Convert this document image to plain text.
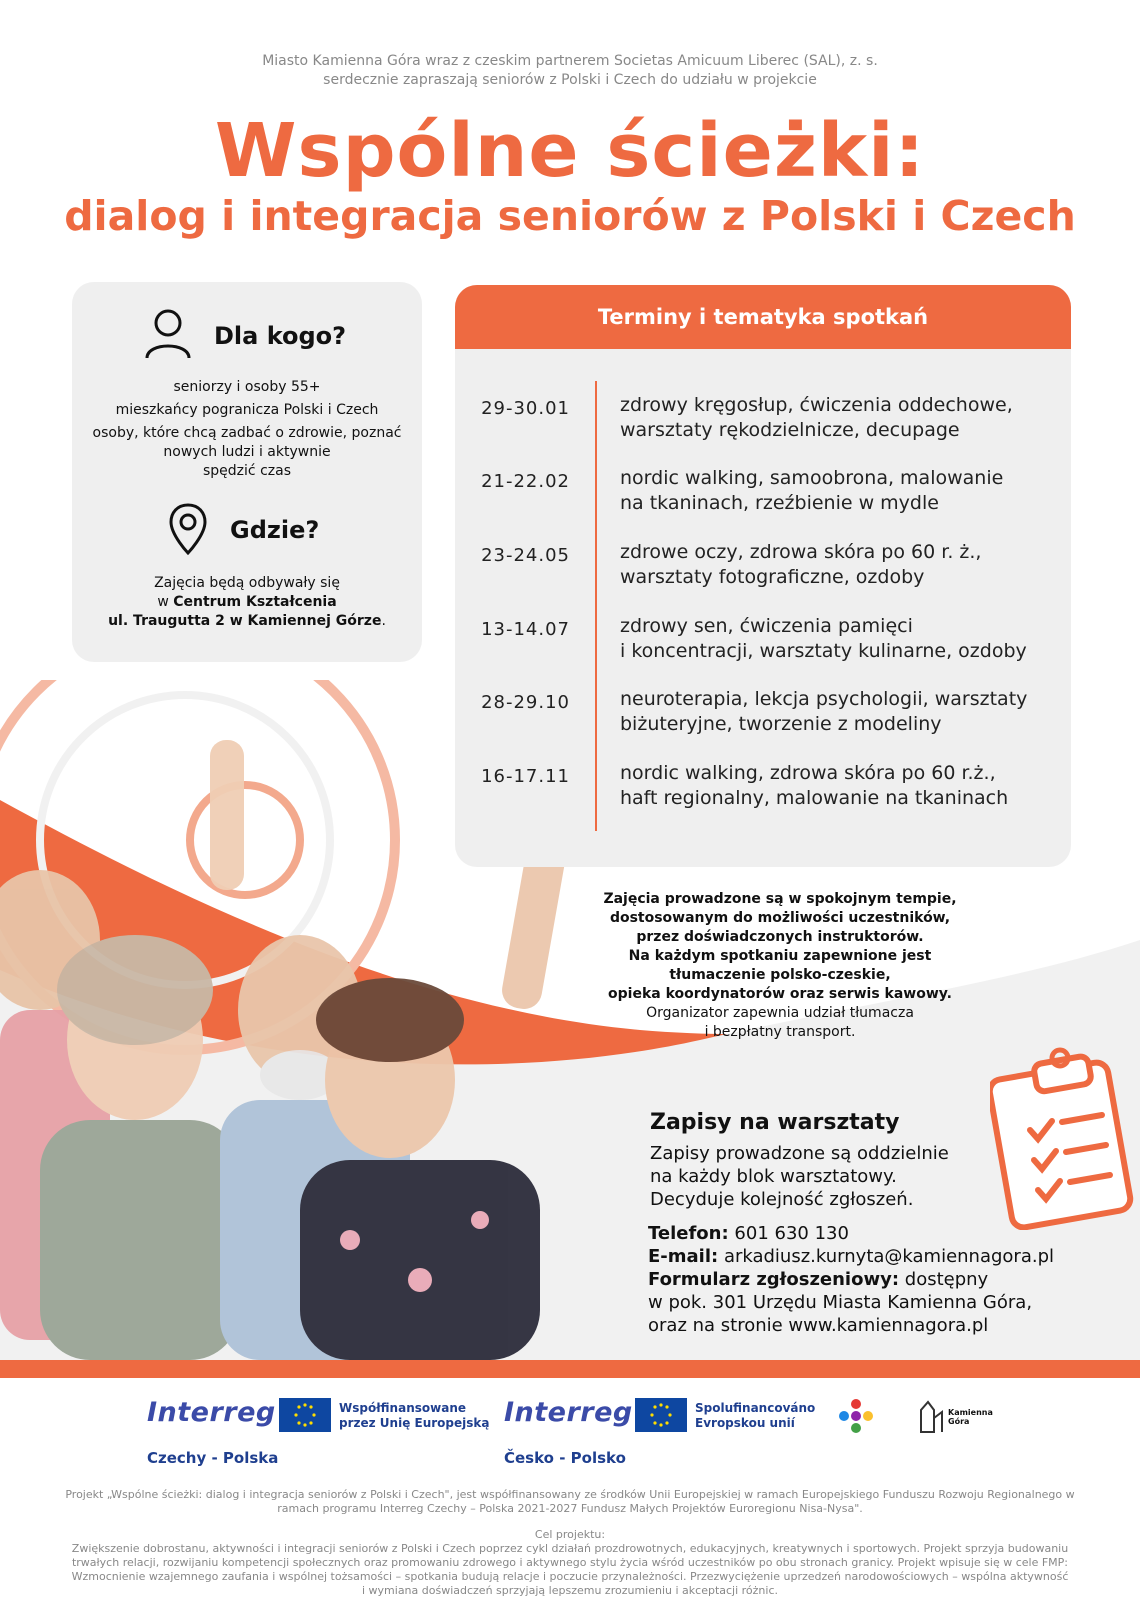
Miasto Kamienna Góra wraz z czeskim partnerem Societas Amicuum Liberec (SAL), z. s.
serdecznie zapraszają seniorów z Polski i Czech do udziału w projekcie
Wspólne ścieżki:
dialog i integracja seniorów z Polski i Czech
Dla kogo?
seniorzy i osoby 55+
mieszkańcy pogranicza Polski i Czech
osoby, które chcą zadbać o zdrowie, poznać
nowych ludzi i aktywnie
spędzić czas
Gdzie?
Zajęcia będą odbywały się
w Centrum Kształcenia
ul. Traugutta 2 w Kamiennej Górze.
Terminy i tematyka spotkań
29-30.01	zdrowy kręgosłup, ćwiczenia oddechowe,
warsztaty rękodzielnicze, decupage
21-22.02	nordic walking, samoobrona, malowanie
na tkaninach, rzeźbienie w mydle
23-24.05	zdrowe oczy, zdrowa skóra po 60 r. ż.,
warsztaty fotograficzne, ozdoby
13-14.07	zdrowy sen, ćwiczenia pamięci
i koncentracji, warsztaty kulinarne, ozdoby
28-29.10	neuroterapia, lekcja psychologii, warsztaty
biżuteryjne, tworzenie z modeliny
16-17.11	nordic walking, zdrowa skóra po 60 r.ż.,
haft regionalny, malowanie na tkaninach
Zajęcia prowadzone są w spokojnym tempie,
dostosowanym do możliwości uczestników,
przez doświadczonych instruktorów.
Na każdym spotkaniu zapewnione jest
tłumaczenie polsko-czeskie,
opieka koordynatorów oraz serwis kawowy.
Organizator zapewnia udział tłumacza
i bezpłatny transport.
Zapisy na warsztaty
Zapisy prowadzone są oddzielnie
na każdy blok warsztatowy.
Decyduje kolejność zgłoszeń.
Telefon: 601 630 130
E-mail: arkadiusz.kurnyta@kamiennagora.pl
Formularz zgłoszeniowy: dostępny
w pok. 301 Urzędu Miasta Kamienna Góra,
oraz na stronie www.kamiennagora.pl
Interreg
Czechy - Polska
Współfinansowane
przez Unię Europejską Interreg
Česko - Polsko
Spolufinancováno
Evropskou unií
Kamienna
Góra
Projekt „Wspólne ścieżki: dialog i integracja seniorów z Polski i Czech", jest współfinansowany ze środków Unii Europejskiej w ramach Europejskiego Funduszu Rozwoju Regionalnego w
ramach programu Interreg Czechy – Polska 2021-2027 Fundusz Małych Projektów Euroregionu Nisa-Nysa".
Cel projektu:
Zwiększenie dobrostanu, aktywności i integracji seniorów z Polski i Czech poprzez cykl działań prozdrowotnych, edukacyjnych, kreatywnych i sportowych. Projekt sprzyja budowaniu
trwałych relacji, rozwijaniu kompetencji społecznych oraz promowaniu zdrowego i aktywnego stylu życia wśród uczestników po obu stronach granicy. Projekt wpisuje się w cele FMP:
Wzmocnienie wzajemnego zaufania i wspólnej tożsamości – spotkania budują relacje i poczucie przynależności. Przezwyciężenie uprzedzeń narodowościowych – wspólna aktywność
i wymiana doświadczeń sprzyjają lepszemu zrozumieniu i akceptacji różnic.
